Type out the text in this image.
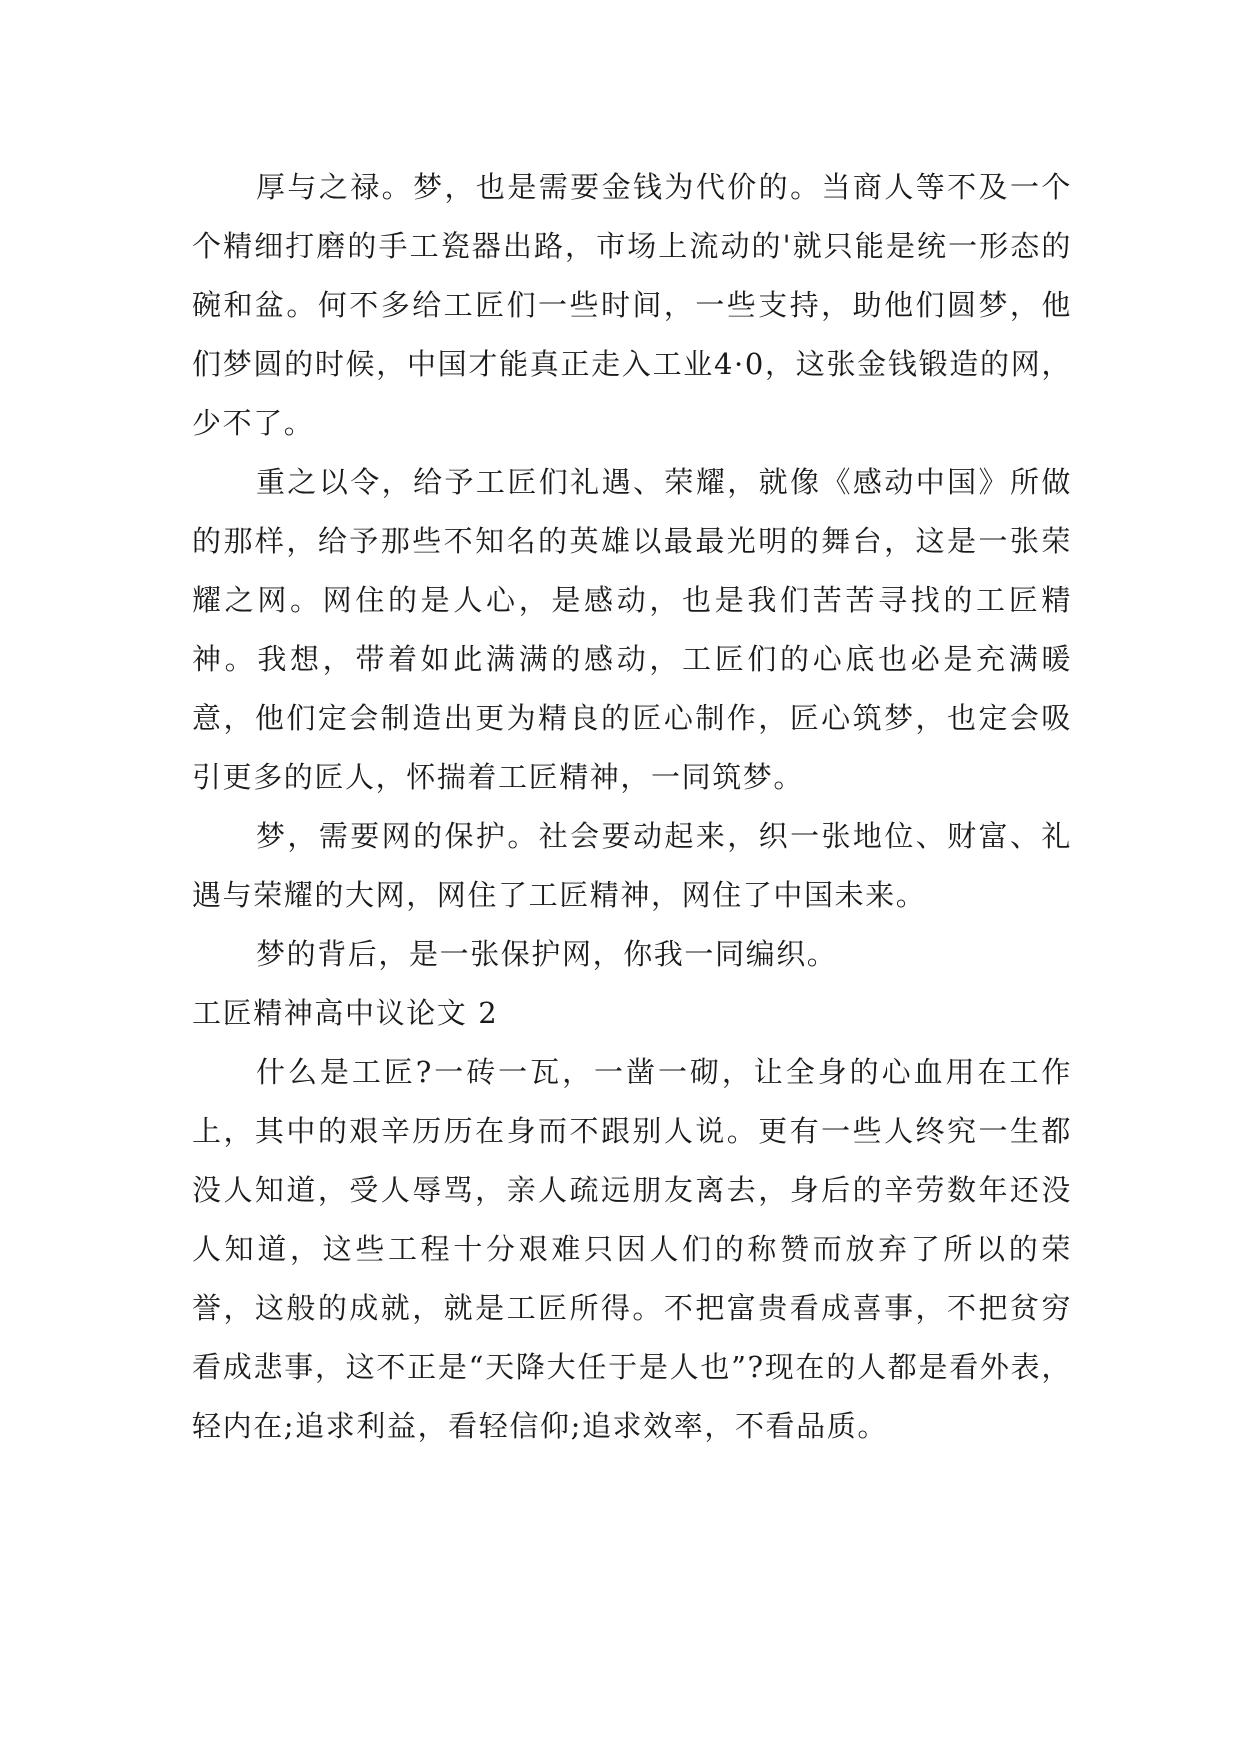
厚与之禄。梦，也是需要金钱为代价的。当商人等不及一个个精细打磨的手工瓷器出路，市场上流动的'就只能是统一形态的碗和盆。何不多给工匠们一些时间，一些支持，助他们圆梦，他们梦圆的时候，中国才能真正走入工业4·0，这张金钱锻造的网，少不了。

重之以令，给予工匠们礼遇、荣耀，就像《感动中国》所做的那样，给予那些不知名的英雄以最最光明的舞台，这是一张荣耀之网。网住的是人心，是感动，也是我们苦苦寻找的工匠精神。我想，带着如此满满的感动，工匠们的心底也必是充满暖意，他们定会制造出更为精良的匠心制作，匠心筑梦，也定会吸引更多的匠人，怀揣着工匠精神，一同筑梦。

梦，需要网的保护。社会要动起来，织一张地位、财富、礼遇与荣耀的大网，网住了工匠精神，网住了中国未来。

梦的背后，是一张保护网，你我一同编织。

工匠精神高中议论文 2

什么是工匠?一砖一瓦，一凿一砌，让全身的心血用在工作上，其中的艰辛历历在身而不跟别人说。更有一些人终究一生都没人知道，受人辱骂，亲人疏远朋友离去，身后的辛劳数年还没人知道，这些工程十分艰难只因人们的称赞而放弃了所以的荣誉，这般的成就，就是工匠所得。不把富贵看成喜事，不把贫穷看成悲事，这不正是“天降大任于是人也”?现在的人都是看外表，轻内在;追求利益，看轻信仰;追求效率，不看品质。
